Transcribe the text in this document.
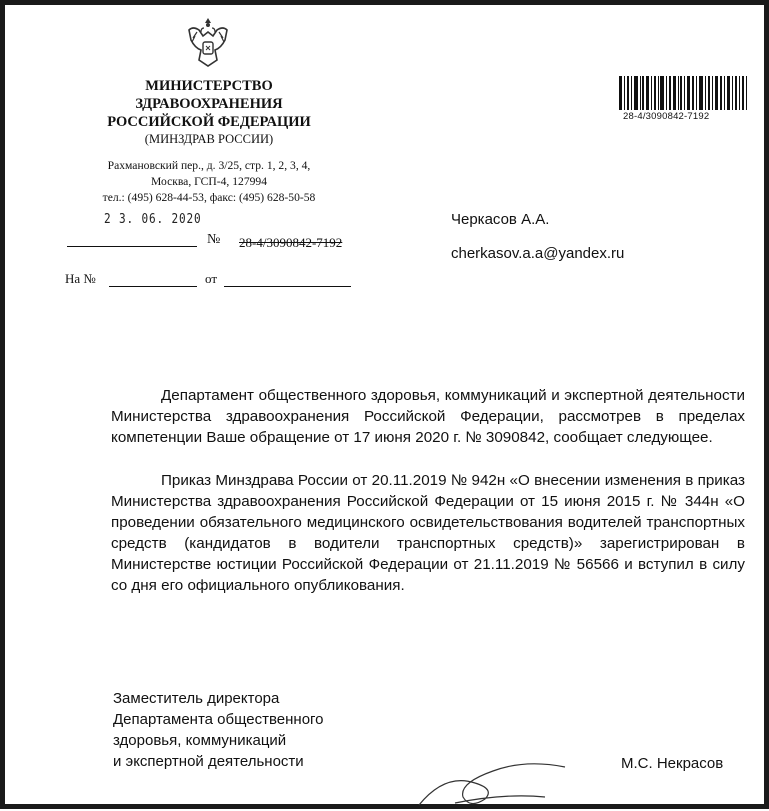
МИНИСТЕРСТВО
ЗДРАВООХРАНЕНИЯ
РОССИЙСКОЙ ФЕДЕРАЦИИ
(МИНЗДРАВ РОССИИ)
Рахмановский пер., д. 3/25, стр. 1, 2, 3, 4,
Москва, ГСП-4, 127994
тел.: (495) 628-44-53, факс: (495) 628-50-58
2 3. 06. 2020
№ 28-4/3090842-7192
На №	от
28-4/3090842-7192
Черкасов А.А.
cherkasov.a.a@yandex.ru
Департамент общественного здоровья, коммуникаций и экспертной деятельности Министерства здравоохранения Российской Федерации, рассмотрев в пределах компетенции Ваше обращение от 17 июня 2020 г. № 3090842, сообщает следующее.
Приказ Минздрава России от 20.11.2019 № 942н «О внесении изменения в приказ Министерства здравоохранения Российской Федерации от 15 июня 2015 г. № 344н «О проведении обязательного медицинского освидетельствования водителей транспортных средств (кандидатов в водители транспортных средств)» зарегистрирован в Министерстве юстиции Российской Федерации от 21.11.2019 № 56566 и вступил в силу со дня его официального опубликования.
Заместитель директора
Департамента общественного
здоровья, коммуникаций
и экспертной деятельности	М.С. Некрасов
